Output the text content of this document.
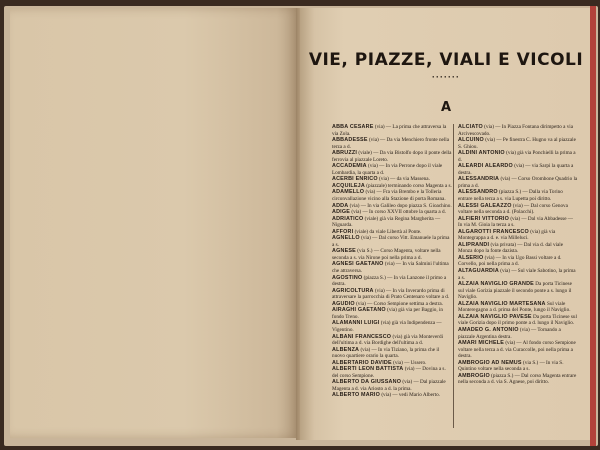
VIE, PIAZZE, VIALI E VICOLI
·······
A

ABBA CESARE (via) — La prima che attraversa la via Zola.

ABBADESSE (via) — Da via Menchiero fronte nella terza a d.

ABRUZZI (viale) — Da via Bistolfo dopo il ponte della ferrovia al piazzale Loreto.

ACCADEMIA (via) — In via Perrone dopo il viale Lombardia, la quarta a d.

ACERBI ENRICO (via) — da via Massena.

ACQUILEJA (piazzale) terminando corso Magenta a s.

ADAMELLO (via) — Fra via Brembo e la Tolleria circonvallazione vicino alla Stazione di porta Romana.

ADDA (via) — In via Galileo dopo piazza S. Gioachino.

ADIGE (via) — In corso XXVII ottobre la quarta a d.

ADRIATICO (viale) già via Regina Margherita — Niguarda.

AFFORI (viale) da viale Libertà al Ponte.

AGNELLO (via) — Dal corso Vitt. Emanuele la prima a s.

AGNESE (via S.) — Corso Magenta, voltare nella seconda a s. via Nirone poi nella prima a d.

AGNESI GAETANO (via) — In via Salmini l'ultima che attraversa.

AGOSTINO (piazza S.) — In via Lanzone il primo a destra.

AGRICOLTURA (via) — In via Inverardo prima di attraversare la parrocchia di Prato Centenaro voltare a d.

AGUDIO (via) — Corso Sempione settima a destra.

AIRAGHI GAETANO (via) già via per Baggio, in fondo Treno.

ALAMANNI LUIGI (via) già via Indipendenza — Vigentino.

ALBANI FRANCESCO (via) già via Monteverdi dell'ultima a d. via Bordighe dell'ultima a d.

ALBENZA (via) — In via Tiziano, la prima che il nuovo quartiere orario la quarta.

ALBERTARIO DAVIDE (via) — Ussero.

ALBERTI LEON BATTISTA (via) — Dovina a s. del corso Sempione.

ALBERTO DA GIUSSANO (via) — Dal piazzale Magenta a d. via Ariosto a d. la prima.

ALBERTO MARIO (via) — vedi Mario Alberto.

ALCIATO (via) — In Piazza Fontana dirimpetto a via Arcivescovado.

ALCUINO (via) — Pe finestra C. Hugno va al piazzale S. Ghiou.

ALDINI ANTONIO (via) già via Ponchielli la prima a d.

ALEARDI ALEARDO (via) — via Sarpi la quarta a destra.

ALESSANDRIA (via) — Corso Orombone Quadrio la prima a d.

ALESSANDRO (piazza S.) — Dalla via Torino entrare nella terza a s. via Lupetta poi diritto.

ALESSI GALEAZZO (via) — Dal corso Genova voltare nella seconda a d. (Polacchi).

ALFIERI VITTORIO (via) — Dal via Abbadesse — In via M. Gioia la terza a s.

ALGAROTTI FRANCESCO (via) già via Montegrappa a d. e. via Milleluci.

ALIPRANDI (via privata) — Dal via d. dal viale Monza dopo la fonte dazista.

ALSERIO (via) — In via Ugo Bassi voltare a d. Corvello, poi nella prima a d.

ALTAGUARDIA (via) — Sul viale Sabotino, la prima a s.

ALZAIA NAVIGLIO GRANDE Da porta Ticinese sul viale Gorizia piazzale il secondo ponte a s. lungo il Naviglio.

ALZAIA NAVIGLIO MARTESANA Sul viale Monteregagno a d. prima del Ponte, lungo il Naviglio.

ALZAIA NAVIGLIO PAVESE Da porta Ticinese sul viale Gorizia dopo il primo ponte a d. lungo il Naviglio.

AMADEO G. ANTONIO (via) — Tornando a piazzale Argentina destra.

AMARI MICHELE (via) — Al fondo corso Sempione voltare nella terza a d. via Curaccolle, poi nella prima a destra.

AMBROGIO AD NEMUS (via S.) — In via S. Quintino voltare nella seconda a s.

AMBROGIO (piazza S.) — Dal corso Magenta entrare nella seconda a d. via S. Agnese, poi diritto.
